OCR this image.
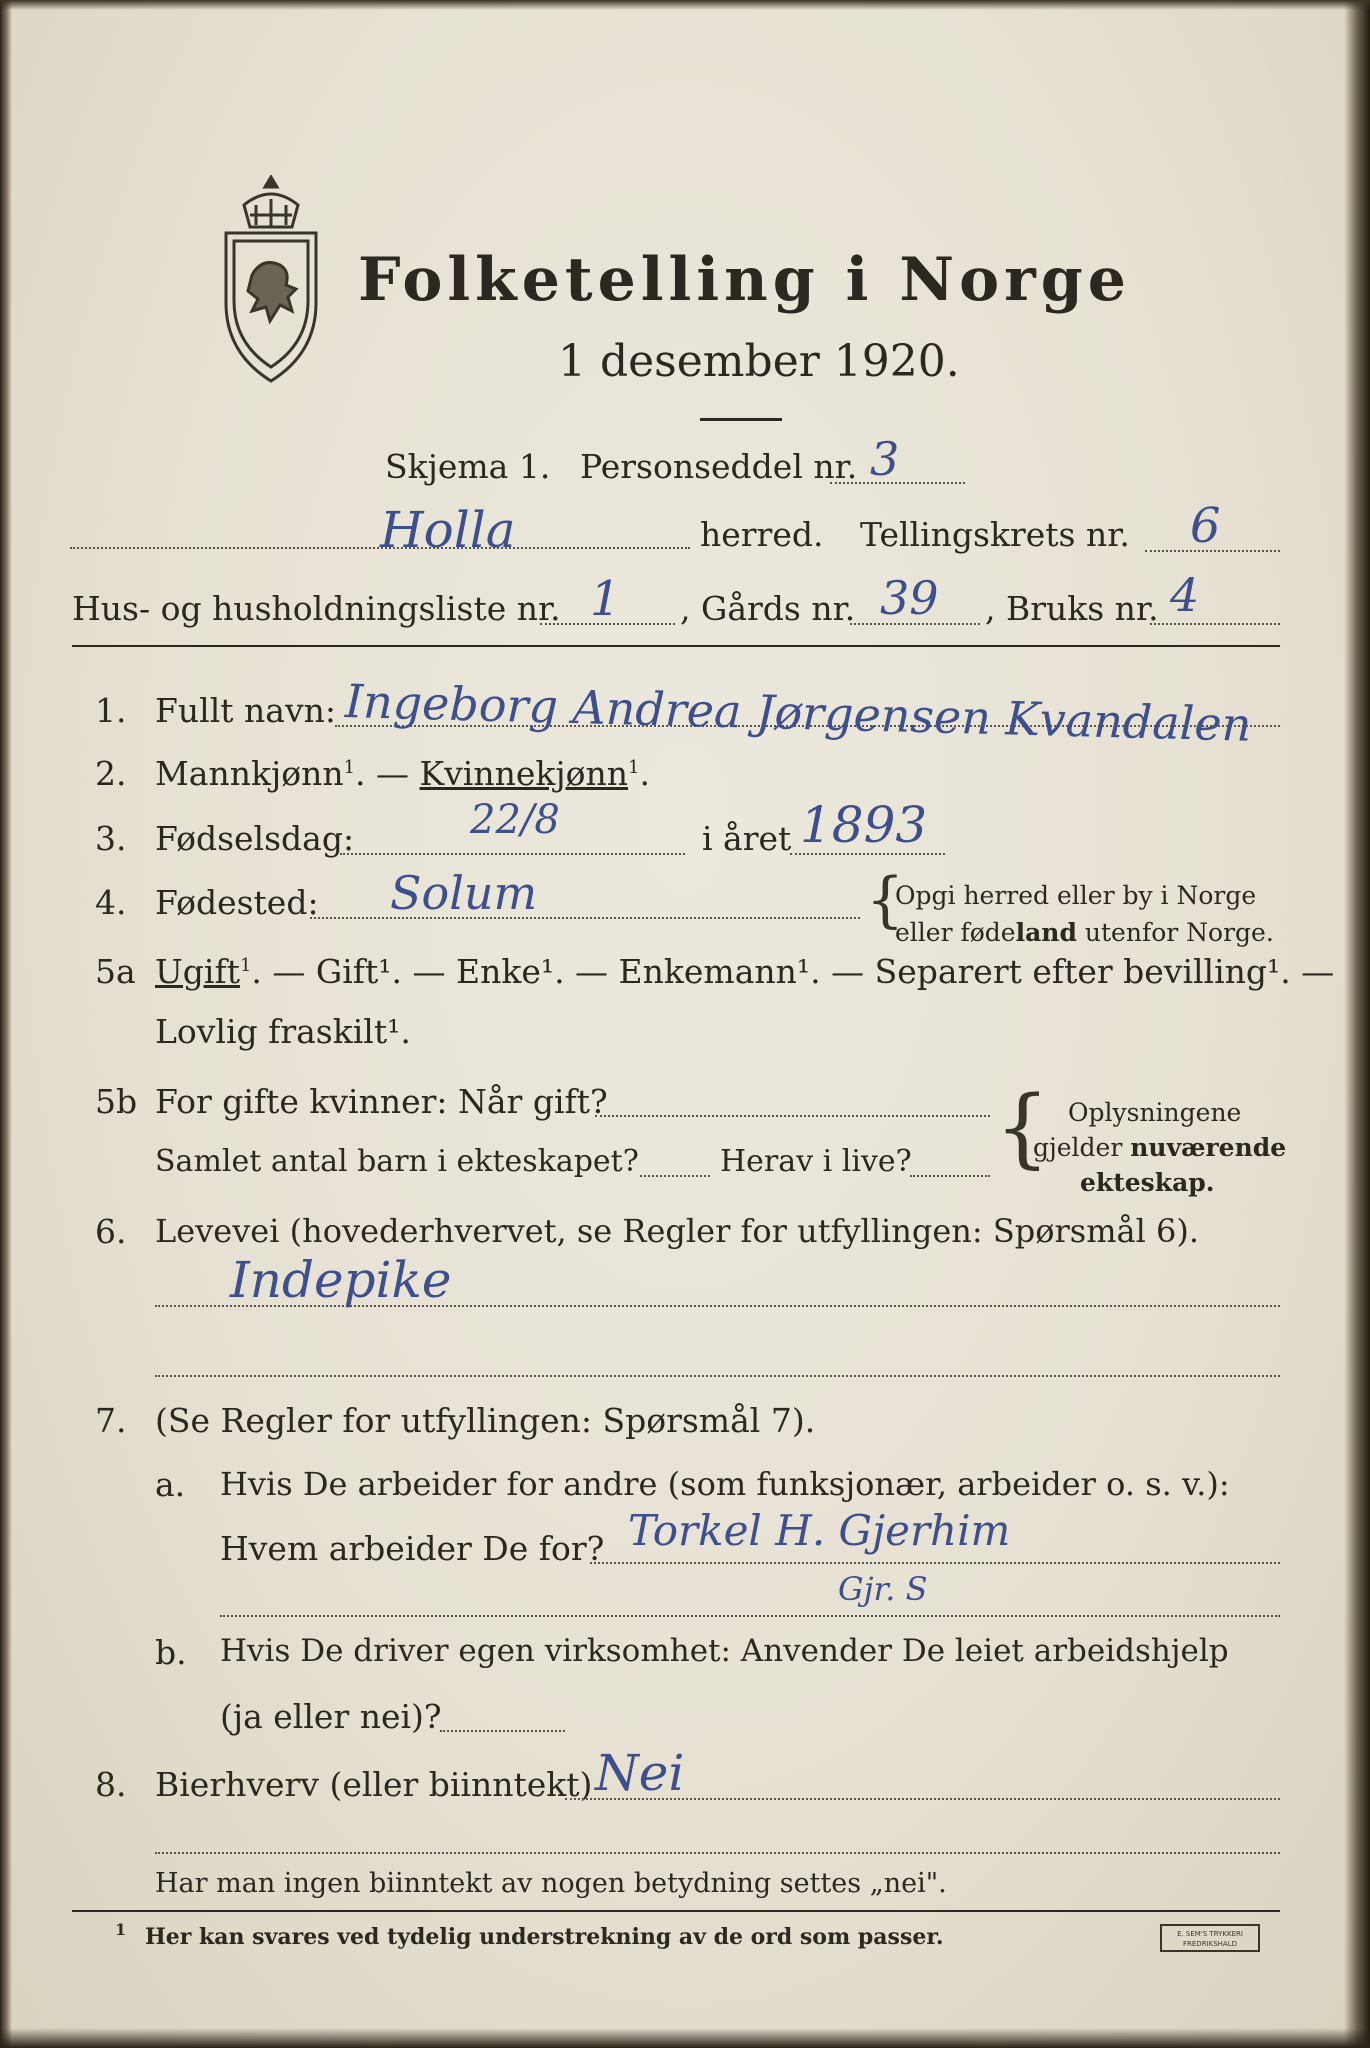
Folketelling i Norge
1 desember 1920.
Skjema 1. Personseddel nr. 3
Holla	herred. Tellingskrets nr. 6
Hus- og husholdningsliste nr. 1 , Gårds nr. 39 , Bruks nr. 4
1. Fullt navn: Ingeborg Andrea Jørgensen Kvandalen
2. Mannkjønn$^1$. — Kvinnekjønn$^1$.
3. Fødselsdag:	22/8	i året 1893
4. Fødested: Solum	{
Opgi herred eller by i Norge
eller fødeland utenfor Norge.
5a Ugift$^1$. — Gift¹. — Enke¹. — Enkemann¹. — Separert efter bevilling¹. —
Lovlig fraskilt¹.
5b For gifte kvinner: Når gift?
Samlet antal barn i ekteskapet?	Herav i live? { Oplysningene
gjelder nuværende
ekteskap.
6. Levevei (hovederhvervet, se Regler for utfyllingen: Spørsmål 6).
Indepike
7. (Se Regler for utfyllingen: Spørsmål 7).
a. Hvis De arbeider for andre (som funksjonær, arbeider o. s. v.):
Hvem arbeider De for? Torkel H. Gjerhim
Gjr. S
b. Hvis De driver egen virksomhet: Anvender De leiet arbeidshjelp
(ja eller nei)?
8. Bierhverv (eller biinntekt) Nei
Har man ingen biinntekt av nogen betydning settes „nei".
1 Her kan svares ved tydelig understrekning av de ord som passer.	E. SEM'S TRYKKERI FREDRIKSHALD
